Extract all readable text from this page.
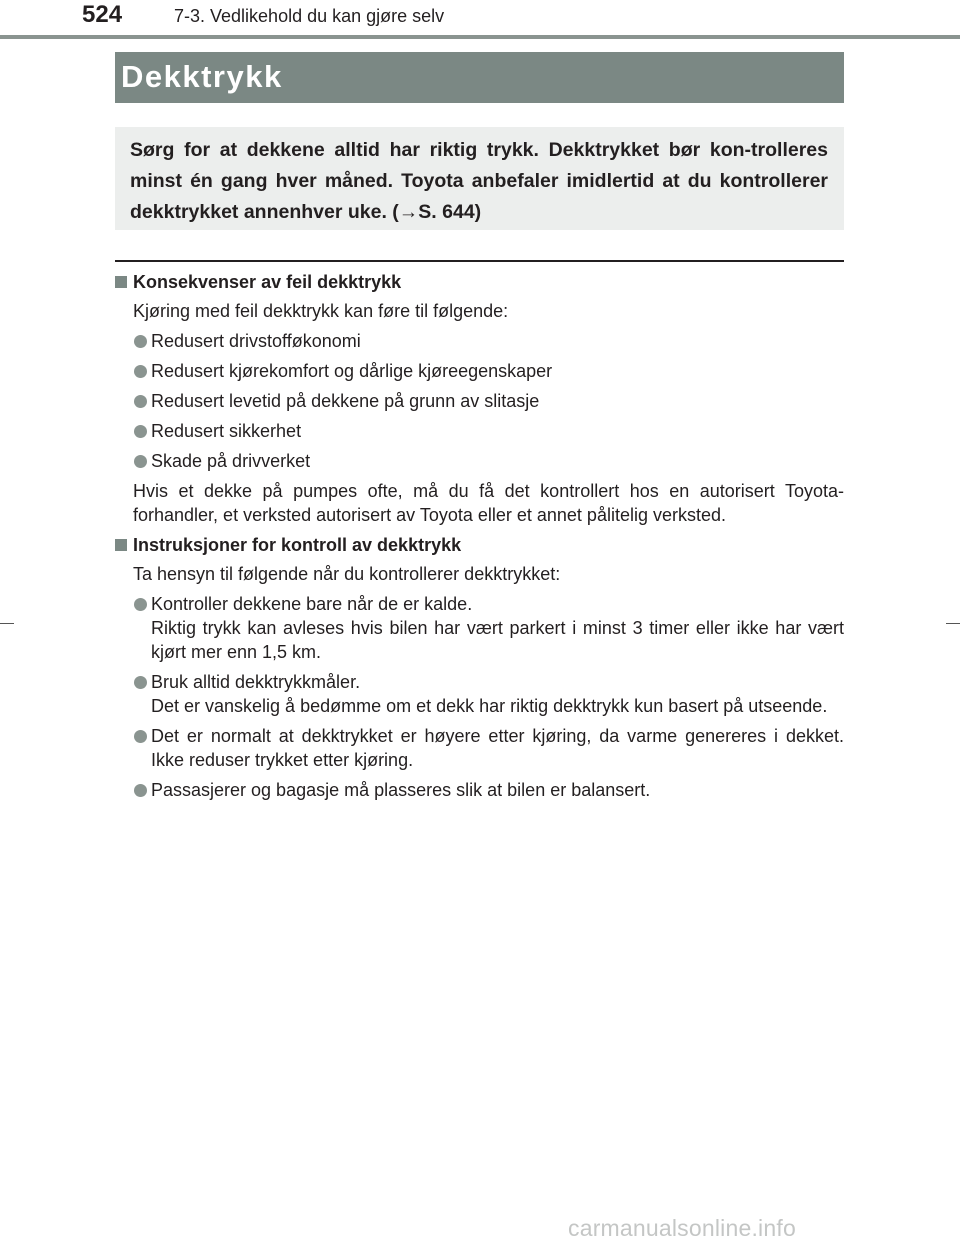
524	7-3. Vedlikehold du kan gjøre selv
Dekktrykk

Sørg for at dekkene alltid har riktig trykk. Dekktrykket bør kon-trolleres minst én gang hver måned. Toyota anbefaler imidlertid at du kontrollerer dekktrykket annenhver uke. (→S. 644)

Konsekvenser av feil dekktrykk
Kjøring med feil dekktrykk kan føre til følgende:
Redusert drivstofføkonomi
Redusert kjørekomfort og dårlige kjøreegenskaper
Redusert levetid på dekkene på grunn av slitasje
Redusert sikkerhet
Skade på drivverket
Hvis et dekke på pumpes ofte, må du få det kontrollert hos en autorisert Toyota-forhandler, et verksted autorisert av Toyota eller et annet pålitelig verksted.
Instruksjoner for kontroll av dekktrykk
Ta hensyn til følgende når du kontrollerer dekktrykket:
Kontroller dekkene bare når de er kalde.
Riktig trykk kan avleses hvis bilen har vært parkert i minst 3 timer eller ikke har vært kjørt mer enn 1,5 km.
Bruk alltid dekktrykkmåler.
Det er vanskelig å bedømme om et dekk har riktig dekktrykk kun basert på utseende.
Det er normalt at dekktrykket er høyere etter kjøring, da varme genereres i dekket. Ikke reduser trykket etter kjøring.
Passasjerer og bagasje må plasseres slik at bilen er balansert.
carmanualsonline.info
